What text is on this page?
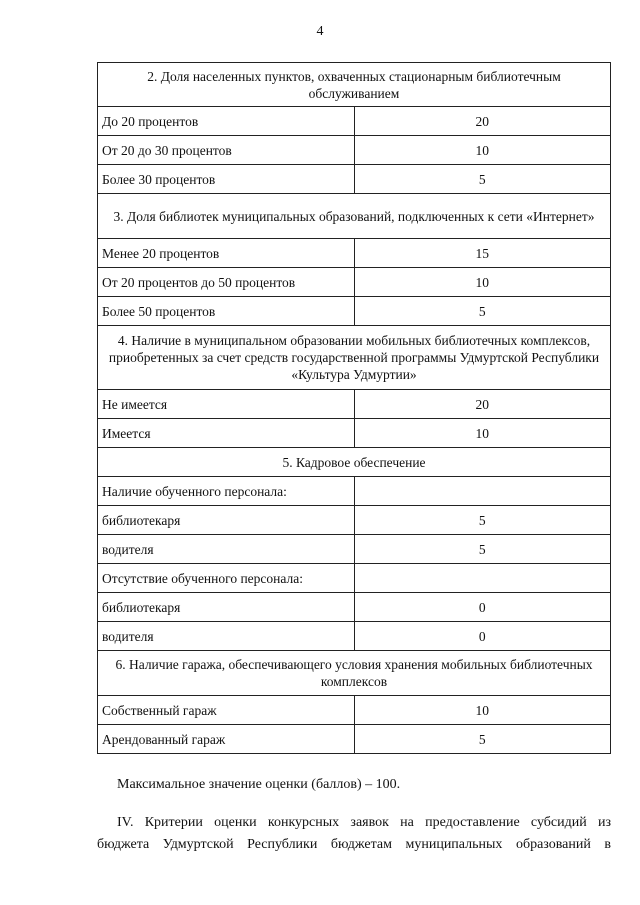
4
2. Доля населенных пунктов, охваченных стационарным библиотечным обслуживанием	
До 20 процентов	20
От 20 до 30 процентов	10
Более 30 процентов	5
3. Доля библиотек муниципальных образований, подключенных к сети «Интернет»	
Менее 20 процентов	15
От 20 процентов до 50 процентов	10
Более 50 процентов	5
4. Наличие в муниципальном образовании мобильных библиотечных комплексов, приобретенных за счет средств государственной программы Удмуртской Республики «Культура Удмуртии»	
Не имеется	20
Имеется	10
5. Кадровое обеспечение	
Наличие обученного персонала:	
библиотекаря	5
водителя	5
Отсутствие обученного персонала:	
библиотекаря	0
водителя	0
6. Наличие гаража, обеспечивающего условия хранения мобильных библиотечных комплексов	
Собственный гараж	10
Арендованный гараж	5

Максимальное значение оценки (баллов) – 100.

IV. Критерии оценки конкурсных заявок на предоставление субсидий из

бюджета Удмуртской Республики бюджетам муниципальных образований в
